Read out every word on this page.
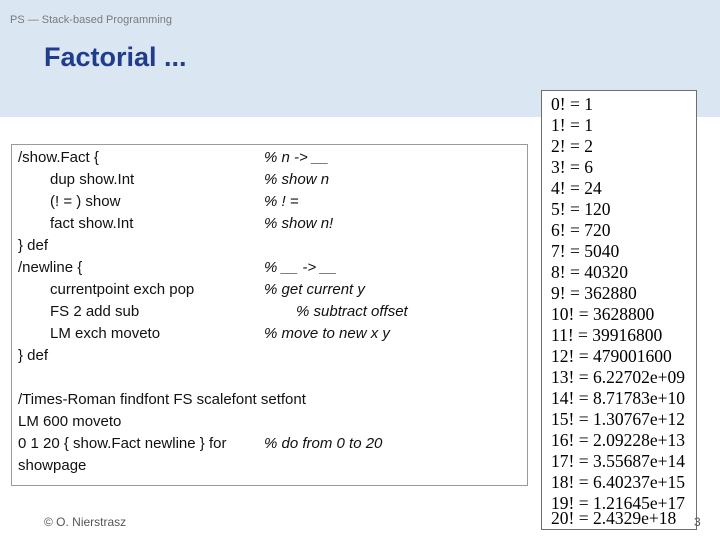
PS — Stack-based Programming
Factorial ...
/show.Fact {
dup show.Int
(! = ) show
fact show.Int
} def
/newline {
currentpoint exch pop
FS 2 add sub
LM exch moveto
} def
/Times-Roman findfont FS scalefont setfont
LM 600 moveto
0 1 20 { show.Fact newline } for
showpage
% n -> __
% show n
% ! =
% show n!
% __ -> __
% get current y
% subtract offset
% move to new x y
% do from 0 to 20
0! = 1
1! = 1
2! = 2
3! = 6
4! = 24
5! = 120
6! = 720
7! = 5040
8! = 40320
9! = 362880
10! = 3628800
11! = 39916800
12! = 479001600
13! = 6.22702e+09
14! = 8.71783e+10
15! = 1.30767e+12
16! = 2.09228e+13
17! = 3.55687e+14
18! = 6.40237e+15
19! = 1.21645e+17
20! = 2.4329e+18
© O. Nierstrasz	3
